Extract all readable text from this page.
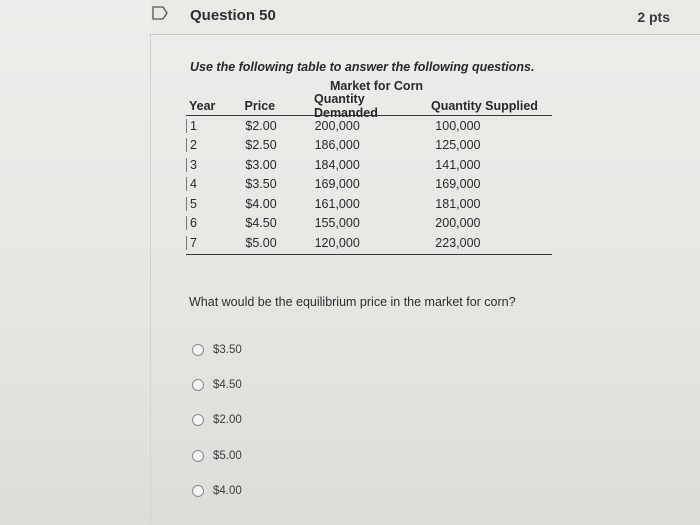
Question 50	2 pts
Use the following table to answer the following questions.
Market for Corn
Year	Price	Quantity Demanded	Quantity Supplied
1	$2.00	200,000	100,000
2	$2.50	186,000	125,000
3	$3.00	184,000	141,000
4	$3.50	169,000	169,000
5	$4.00	161,000	181,000
6	$4.50	155,000	200,000
7	$5.00	120,000	223,000
What would be the equilibrium price in the market for corn?
$3.50
$4.50
$2.00
$5.00
$4.00
